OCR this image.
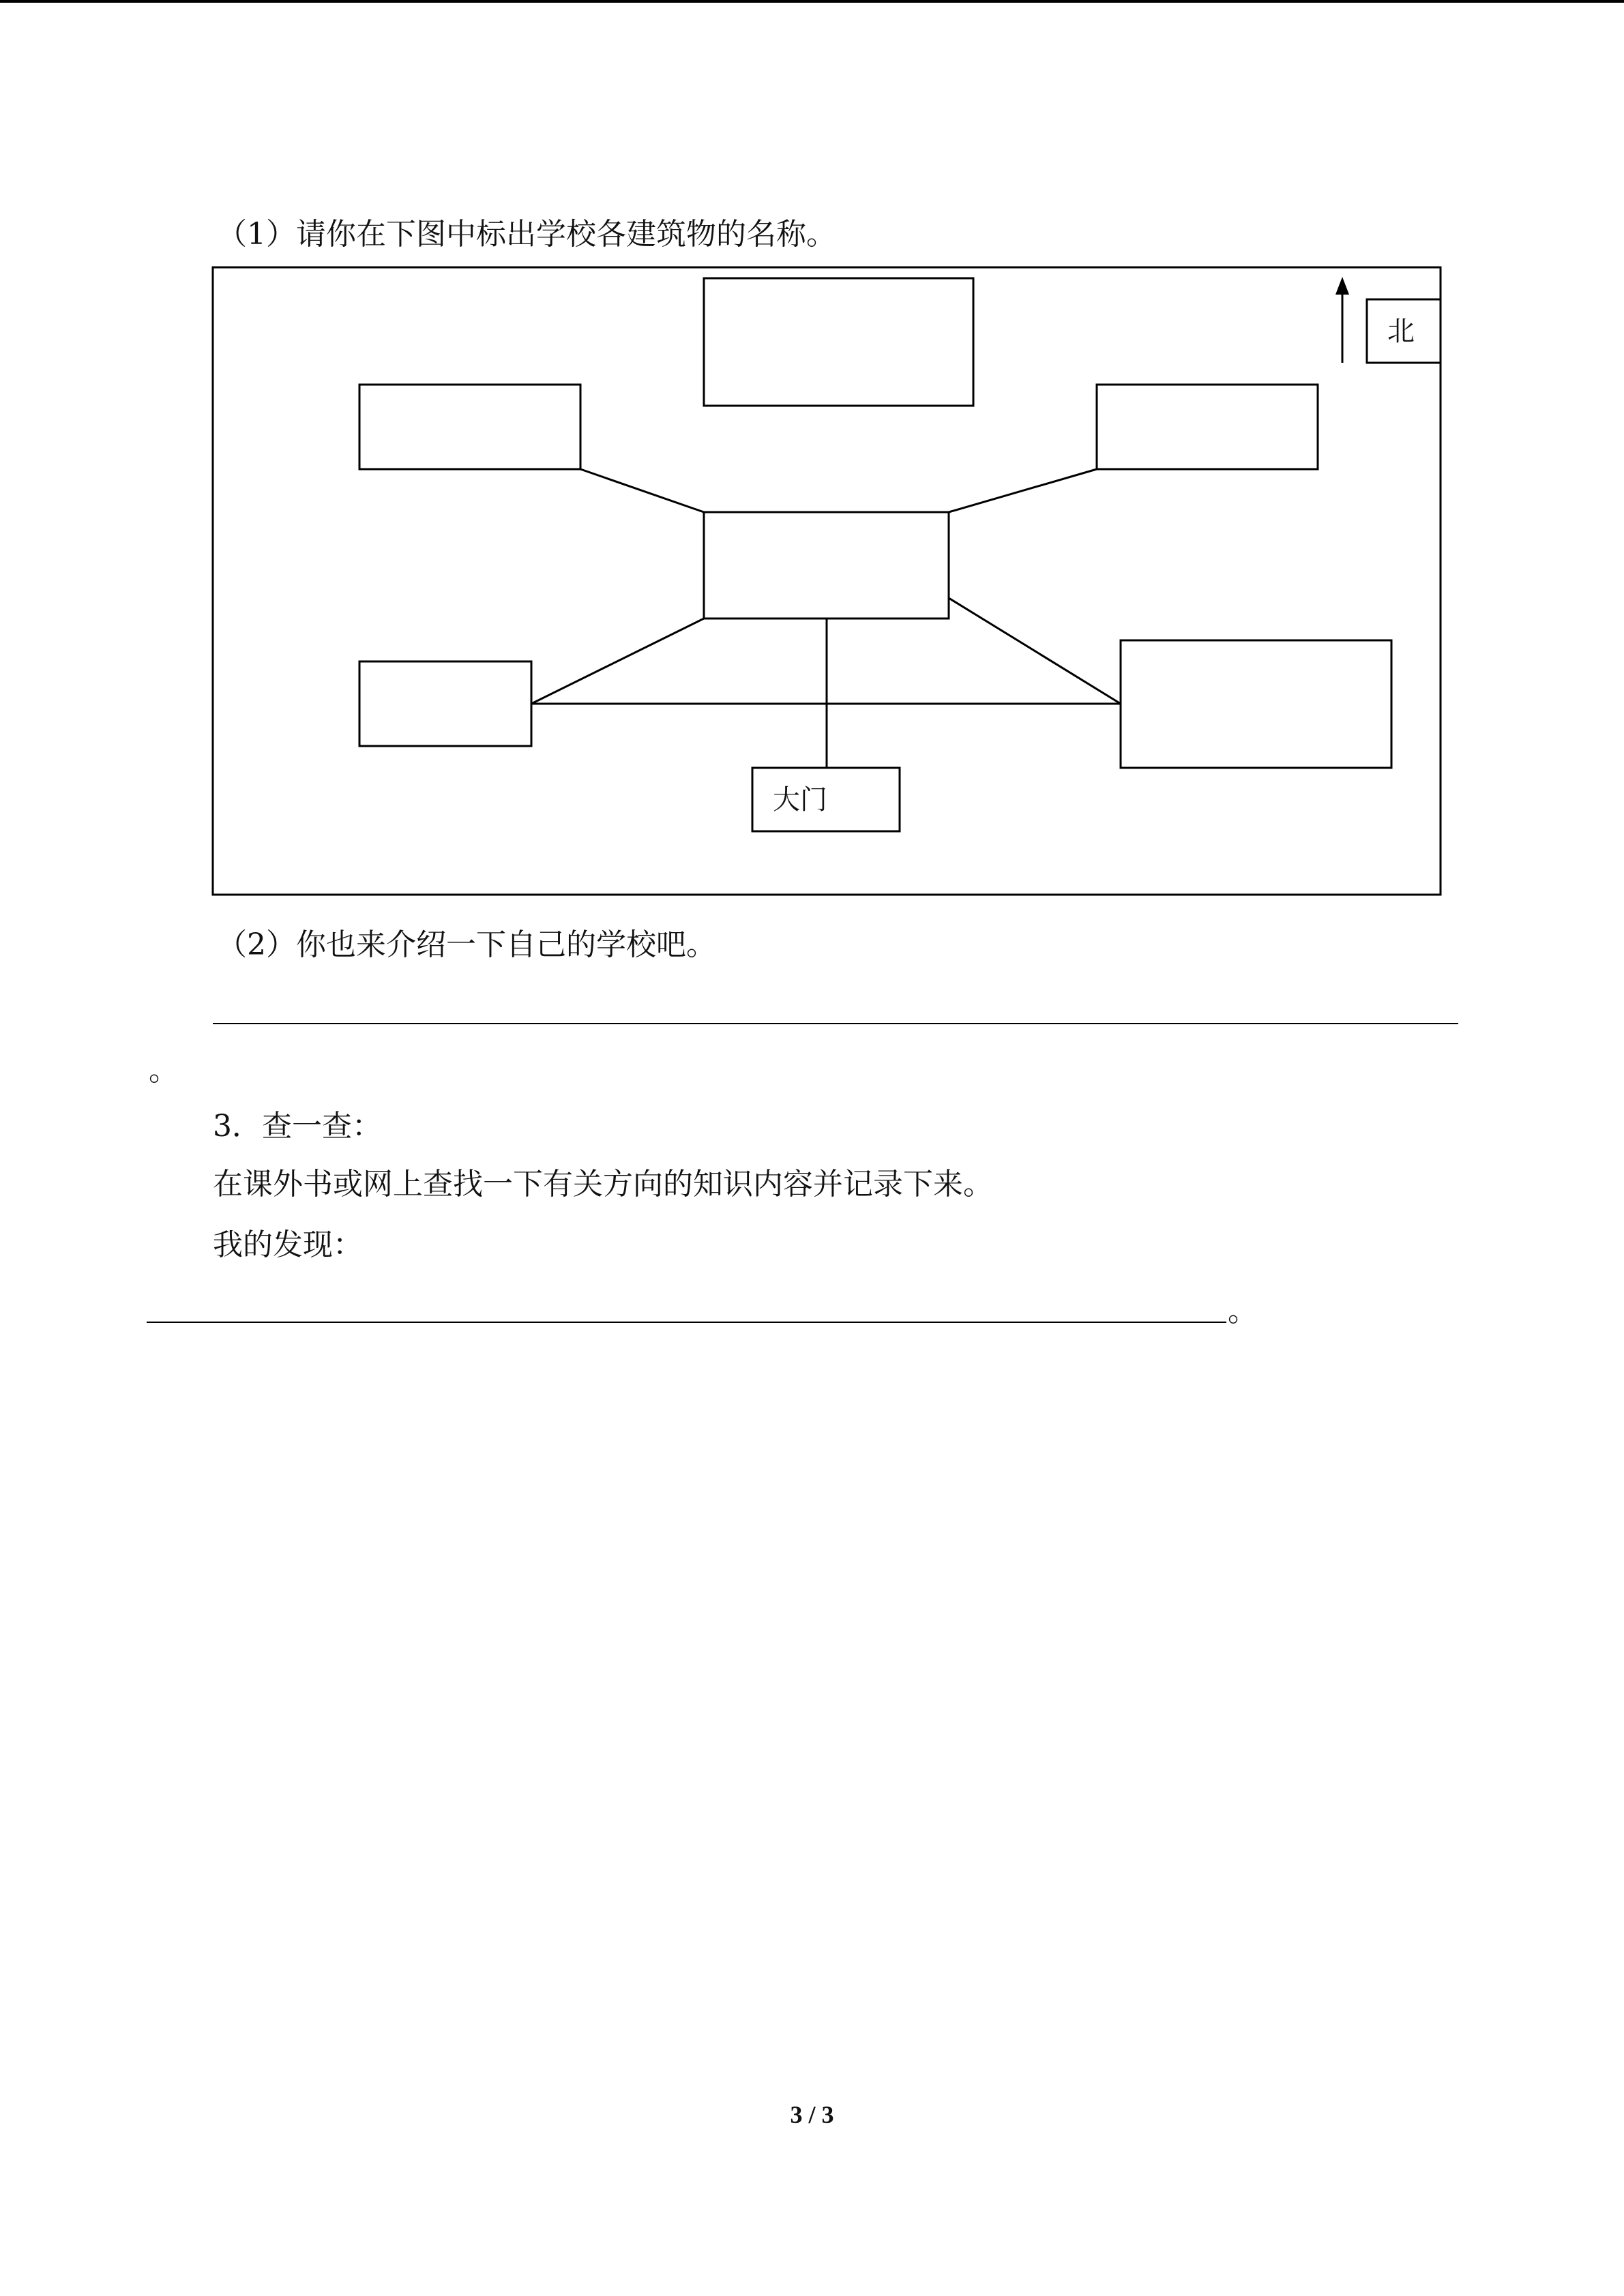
（1）请你在下图中标出学校各建筑物的名称。
大门
北
（2）你也来介绍一下自己的学校吧。
。
3．查一查：
在课外书或网上查找一下有关方向的知识内容并记录下来。
我的发现：
。
3 / 3
